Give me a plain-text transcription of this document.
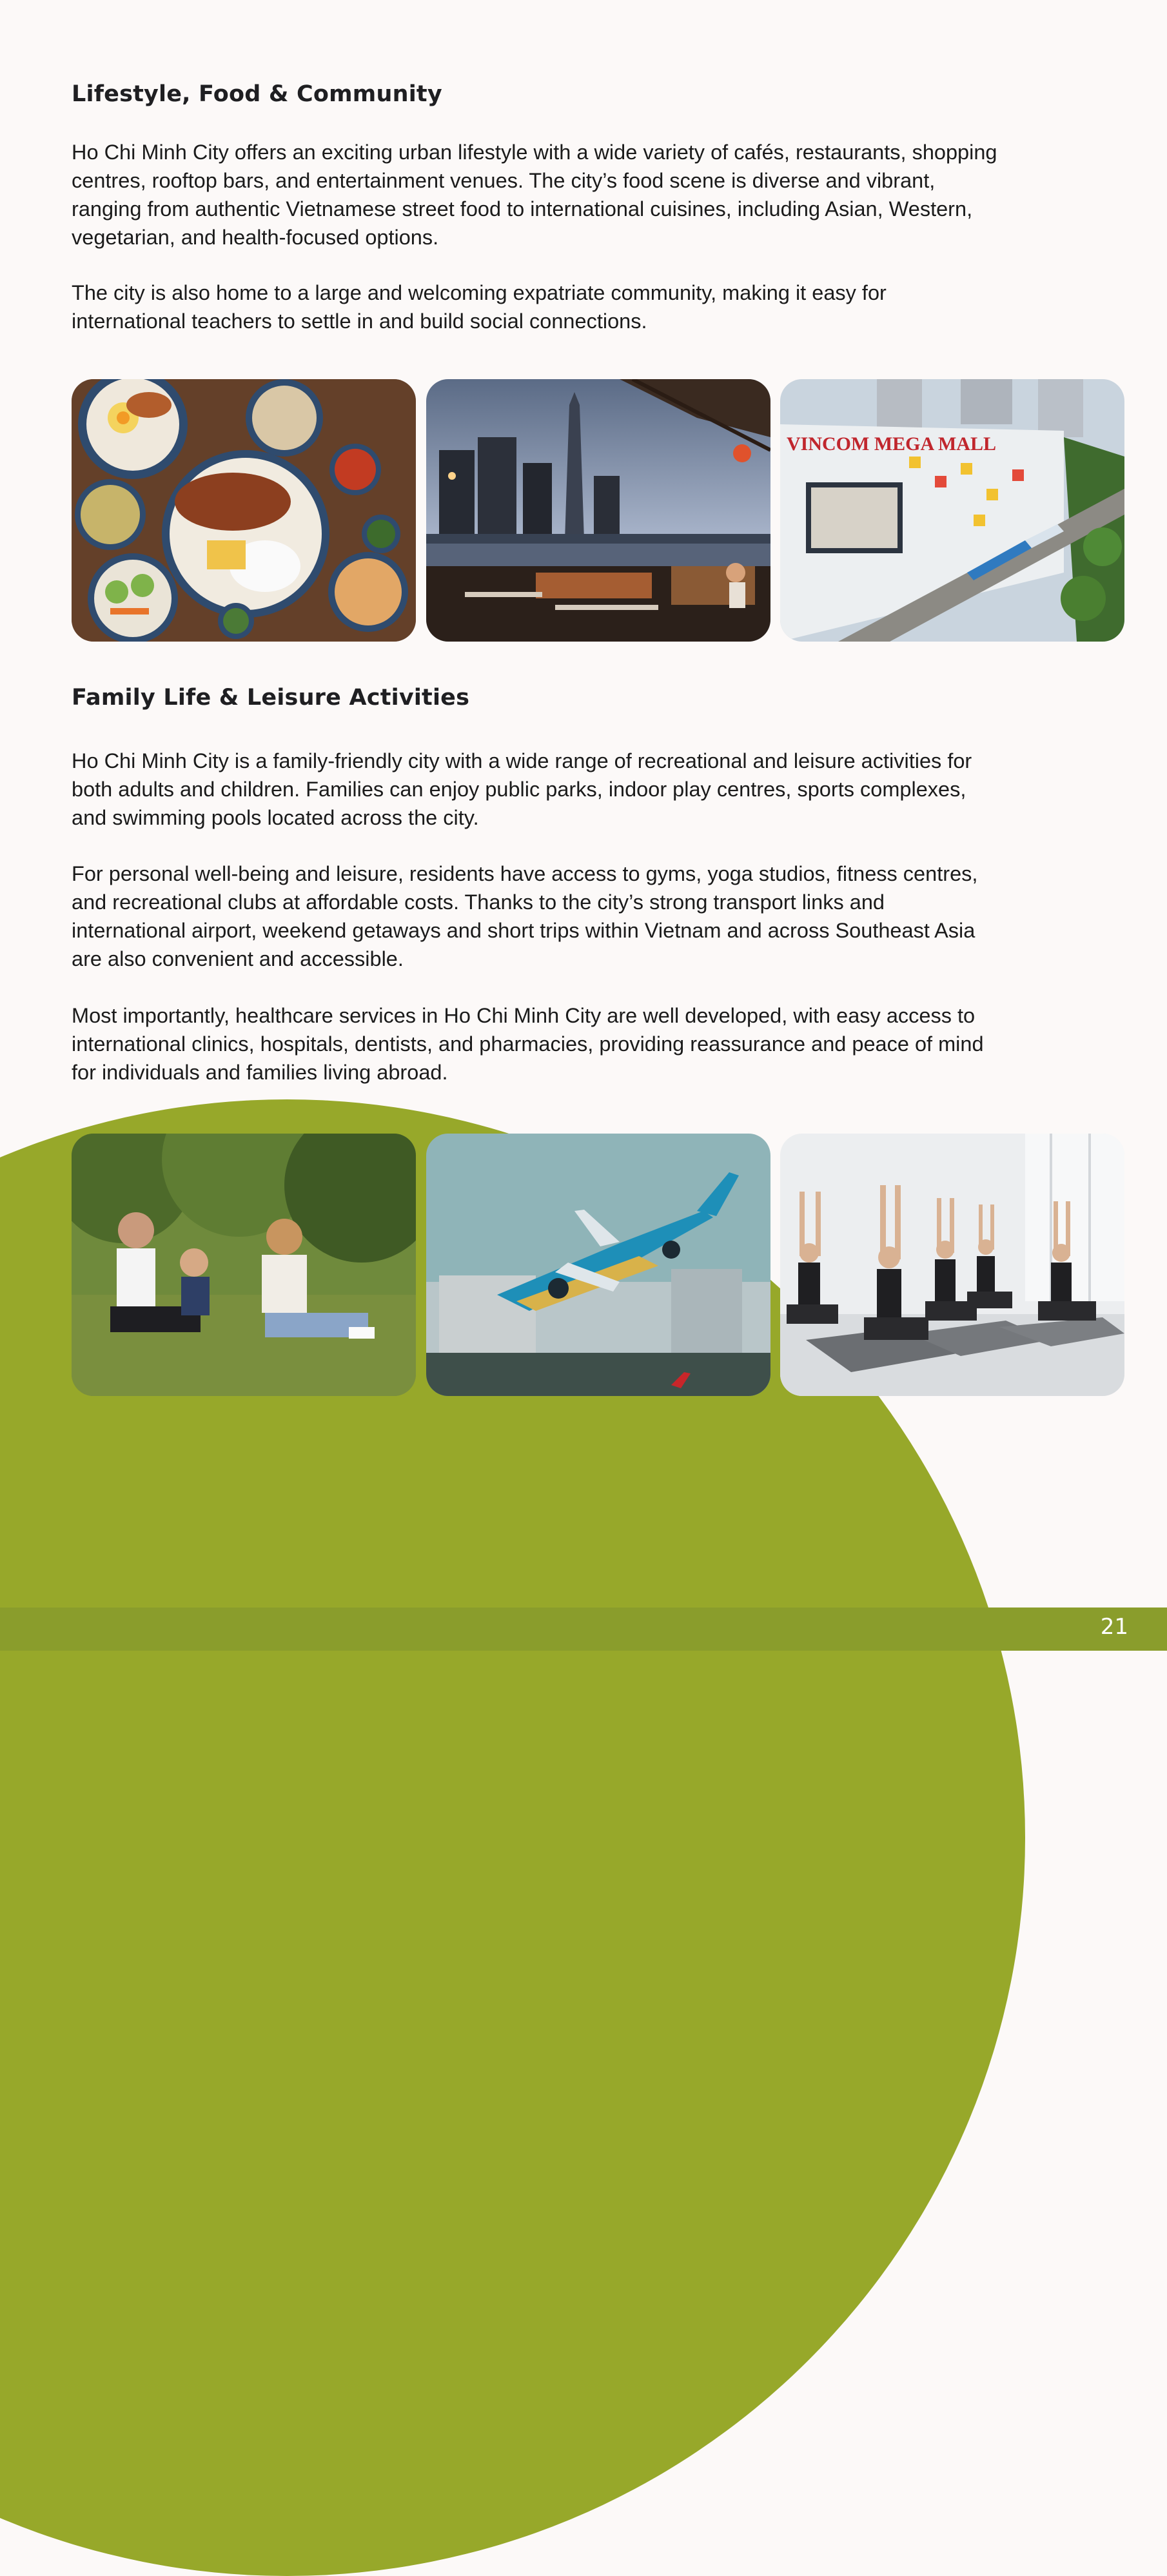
21
Lifestyle, Food & Community

Ho Chi Minh City offers an exciting urban lifestyle with a wide variety of cafés, restaurants, shopping
centres, rooftop bars, and entertainment venues. The city’s food scene is diverse and vibrant,
ranging from authentic Vietnamese street food to international cuisines, including Asian, Western,
vegetarian, and health-focused options.

The city is also home to a large and welcoming expatriate community, making it easy for
international teachers to settle in and build social connections.

VINCOM MEGA MALL
Family Life & Leisure Activities

Ho Chi Minh City is a family-friendly city with a wide range of recreational and leisure activities for
both adults and children. Families can enjoy public parks, indoor play centres, sports complexes,
and swimming pools located across the city.

For personal well-being and leisure, residents have access to gyms, yoga studios, fitness centres,
and recreational clubs at affordable costs. Thanks to the city’s strong transport links and
international airport, weekend getaways and short trips within Vietnam and across Southeast Asia
are also convenient and accessible.

Most importantly, healthcare services in Ho Chi Minh City are well developed, with easy access to
international clinics, hospitals, dentists, and pharmacies, providing reassurance and peace of mind
for individuals and families living abroad.
